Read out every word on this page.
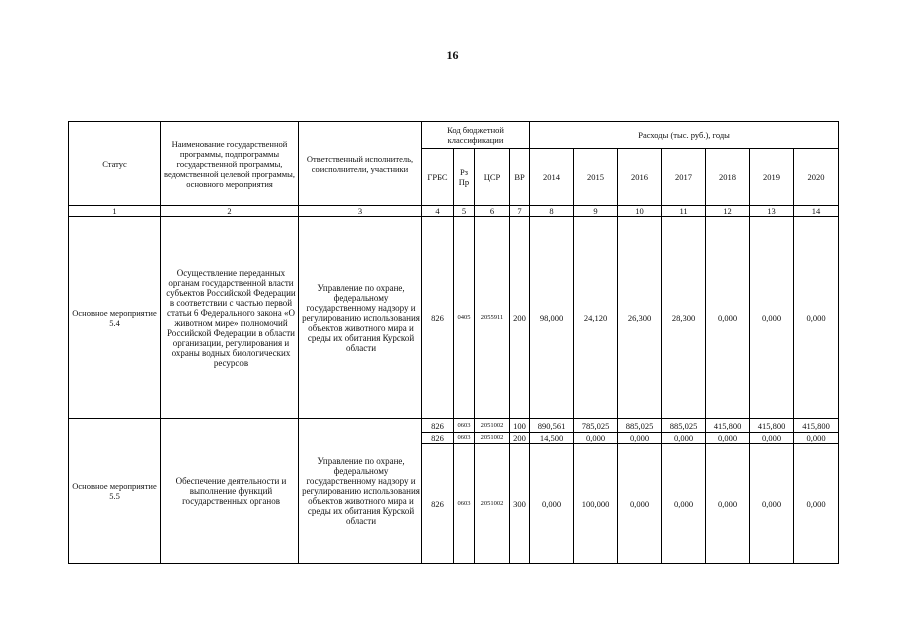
16
Статус	Наименование государственной программы, подпрограммы государственной программы, ведомственной целевой программы, основного мероприятия	Ответственный исполнитель, соисполнители, участники	Код бюджетной классификации				Расходы (тыс. руб.), годы						
			ГРБС	Рз Пр	ЦСР	ВР	2014	2015	2016	2017	2018	2019	2020
1	2	3	4	5	6	7	8	9	10	11	12	13	14
Основное мероприятие 5.4	Осуществление переданных органам государственной власти субъектов Российской Федерации в соответствии с частью первой статьи 6 Федерального закона «О животном мире» полномочий Российской Федерации в области организации, регулирования и охраны водных биологических ресурсов	Управление по охране, федеральному государственному надзору и регулированию использования объектов животного мира и среды их обитания Курской области	826	0405	2055911	200	98,000	24,120	26,300	28,300	0,000	0,000	0,000
Основное мероприятие 5.5	Обеспечение деятельности и выполнение функций государственных органов	Управление по охране, федеральному государственному надзору и регулированию использования объектов животного мира и среды их обитания Курской области	826	0603	2051002	100	890,561	785,025	885,025	885,025	415,800	415,800	415,800
			826	0603	2051002	200	14,500	0,000	0,000	0,000	0,000	0,000	0,000
			826	0603	2051002	300	0,000	100,000	0,000	0,000	0,000	0,000	0,000
